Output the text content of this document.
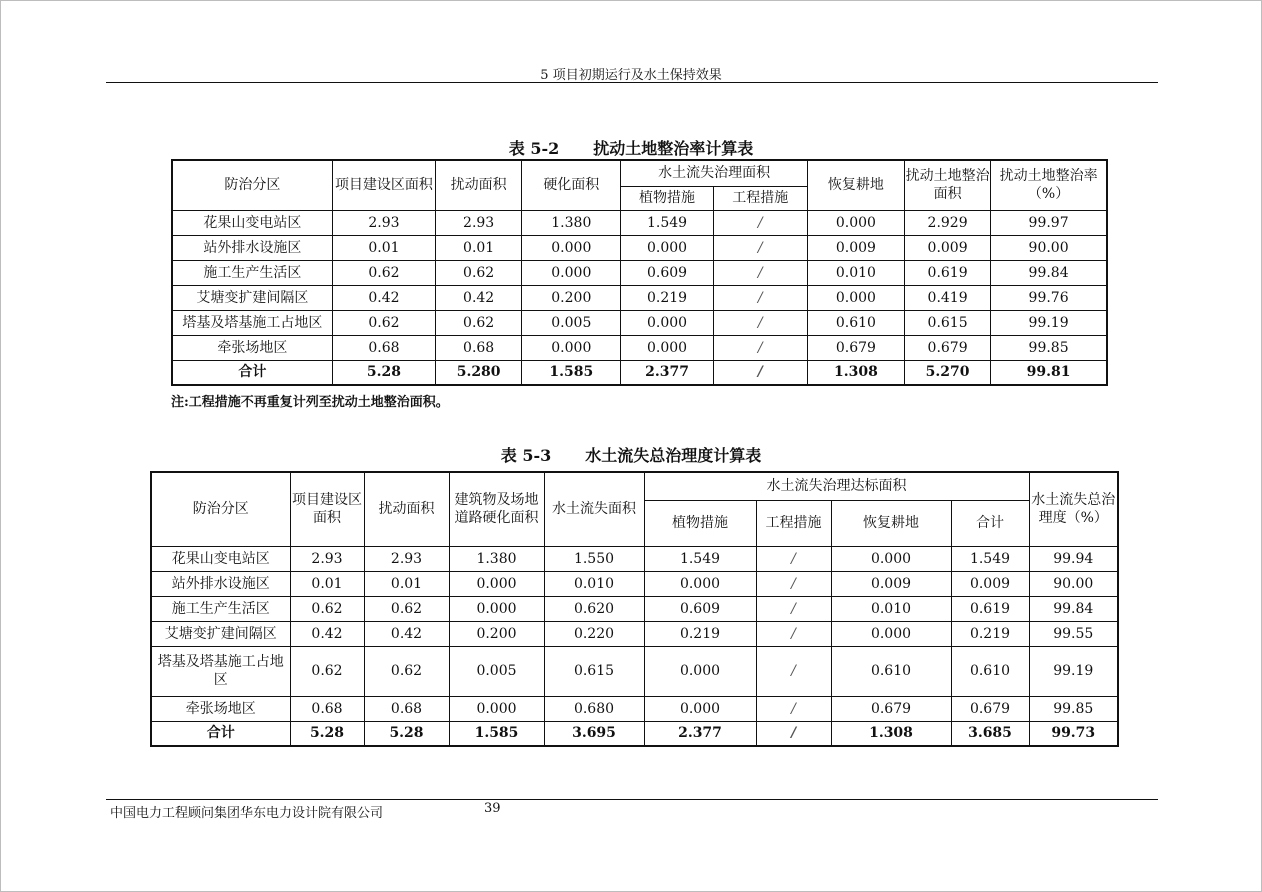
5 项目初期运行及水土保持效果
表 5-2 扰动土地整治率计算表
防治分区	项目建设区面积	扰动面积	硬化面积	水土流失治理面积		恢复耕地	扰动土地整治面积	扰动土地整治率（%）
				植物措施	工程措施			
花果山变电站区	2.93	2.93	1.380	1.549	/	0.000	2.929	99.97
站外排水设施区	0.01	0.01	0.000	0.000	/	0.009	0.009	90.00
施工生产生活区	0.62	0.62	0.000	0.609	/	0.010	0.619	99.84
艾塘变扩建间隔区	0.42	0.42	0.200	0.219	/	0.000	0.419	99.76
塔基及塔基施工占地区	0.62	0.62	0.005	0.000	/	0.610	0.615	99.19
牵张场地区	0.68	0.68	0.000	0.000	/	0.679	0.679	99.85
合计	5.28	5.280	1.585	2.377	/	1.308	5.270	99.81
注:工程措施不再重复计列至扰动土地整治面积。
表 5-3 水土流失总治理度计算表
防治分区	项目建设区面积	扰动面积	建筑物及场地道路硬化面积	水土流失面积	水土流失治理达标面积				水土流失总治理度（%）
					植物措施	工程措施	恢复耕地	合计	
花果山变电站区	2.93	2.93	1.380	1.550	1.549	/	0.000	1.549	99.94
站外排水设施区	0.01	0.01	0.000	0.010	0.000	/	0.009	0.009	90.00
施工生产生活区	0.62	0.62	0.000	0.620	0.609	/	0.010	0.619	99.84
艾塘变扩建间隔区	0.42	0.42	0.200	0.220	0.219	/	0.000	0.219	99.55
塔基及塔基施工占地区	0.62	0.62	0.005	0.615	0.000	/	0.610	0.610	99.19
牵张场地区	0.68	0.68	0.000	0.680	0.000	/	0.679	0.679	99.85
合计	5.28	5.28	1.585	3.695	2.377	/	1.308	3.685	99.73
中国电力工程顾问集团华东电力设计院有限公司	39
